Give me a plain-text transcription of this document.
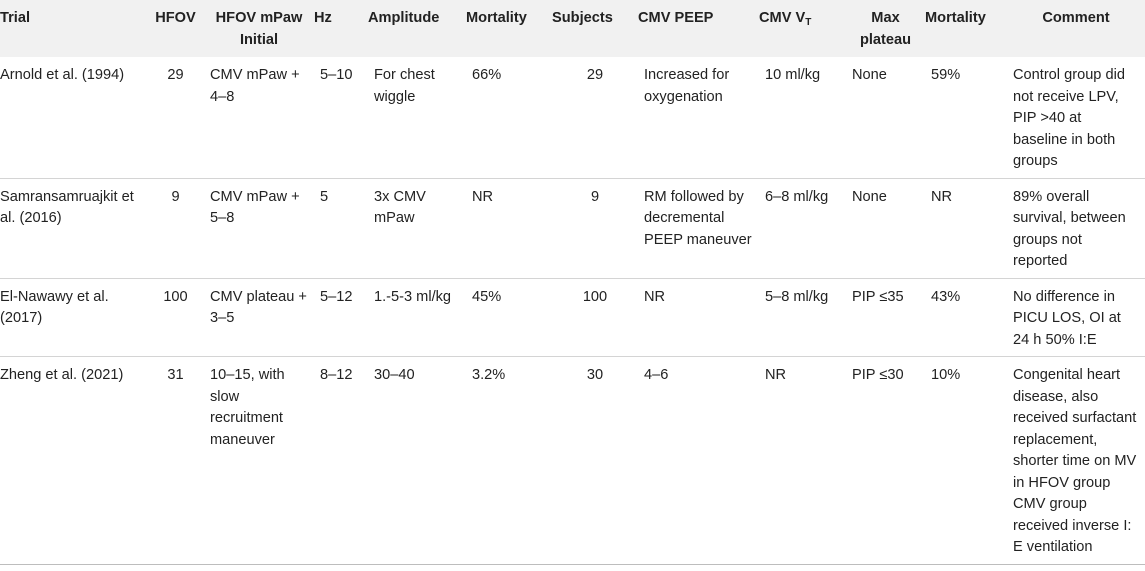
Trial	HFOV	HFOV mPaw Initial	Hz	Amplitude	Mortality	Subjects	CMV PEEP	CMV $V_T$	Max plateau	Mortality	Comment
Arnold et al. (1994)	29	CMV mPaw + 4–8	5–10	For chest wiggle	66%	29	Increased for oxygenation	10 ml/kg	None	59%	Control group did not receive LPV, PIP >40 at baseline in both groups
Samransamruajkit et al. (2016)	9	CMV mPaw + 5–8	5	3x CMV mPaw	NR	9	RM followed by decremental PEEP maneuver	6–8 ml/kg	None	NR	89% overall survival, between groups not reported
El-Nawawy et al. (2017)	100	CMV plateau + 3–5	5–12	1.-5-3 ml/kg	45%	100	NR	5–8 ml/kg	PIP ≤35	43%	No difference in PICU LOS, OI at 24 h 50% I:E
Zheng et al. (2021)	31	10–15, with slow recruitment maneuver	8–12	30–40	3.2%	30	4–6	NR	PIP ≤30	10%	Congenital heart disease, also received surfactant replacement, shorter time on MV in HFOV group CMV group received inverse I: E ventilation
